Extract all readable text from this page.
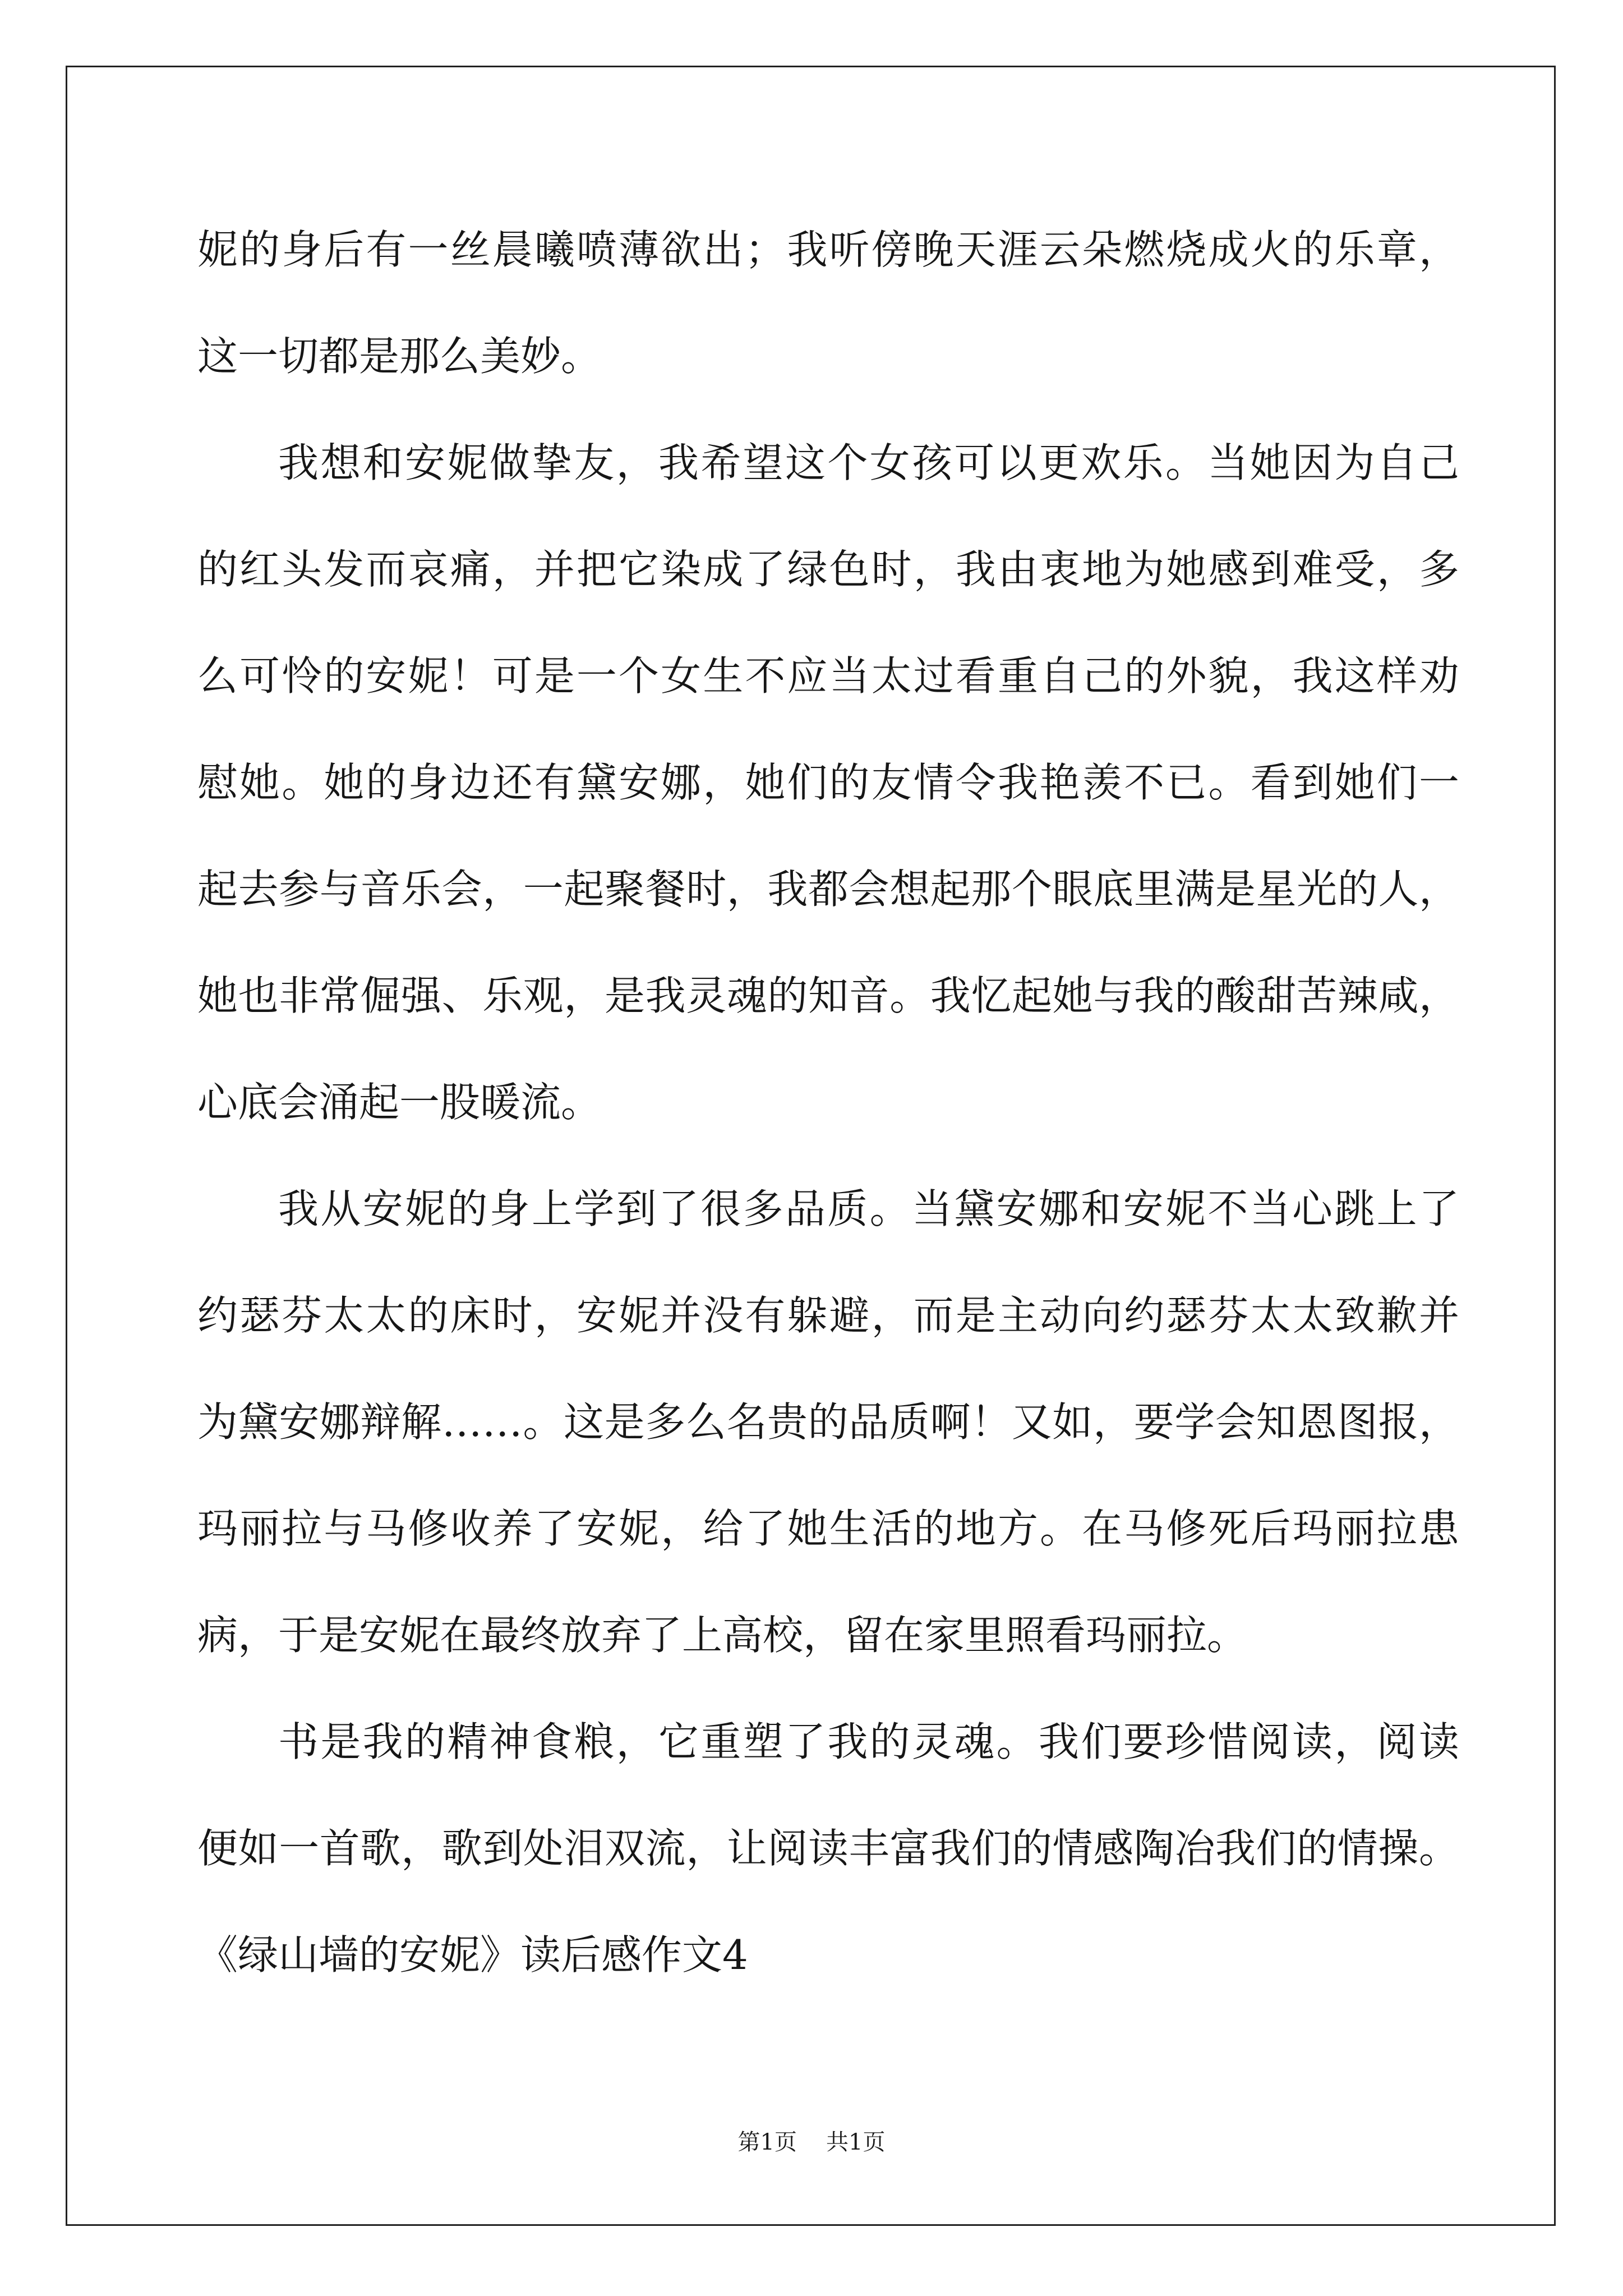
妮的身后有一丝晨曦喷薄欲出；我听傍晚天涯云朵燃烧成火的乐章，
这一切都是那么美妙。
我想和安妮做挚友，我希望这个女孩可以更欢乐。当她因为自己
的红头发而哀痛，并把它染成了绿色时，我由衷地为她感到难受，多
么可怜的安妮！可是一个女生不应当太过看重自己的外貌，我这样劝
慰她。她的身边还有黛安娜，她们的友情令我艳羡不已。看到她们一
起去参与音乐会，一起聚餐时，我都会想起那个眼底里满是星光的人，
她也非常倔强、乐观，是我灵魂的知音。我忆起她与我的酸甜苦辣咸，
心底会涌起一股暖流。
我从安妮的身上学到了很多品质。当黛安娜和安妮不当心跳上了
约瑟芬太太的床时，安妮并没有躲避，而是主动向约瑟芬太太致歉并
为黛安娜辩解……。这是多么名贵的品质啊！又如，要学会知恩图报，
玛丽拉与马修收养了安妮，给了她生活的地方。在马修死后玛丽拉患
病，于是安妮在最终放弃了上高校，留在家里照看玛丽拉。
书是我的精神食粮，它重塑了我的灵魂。我们要珍惜阅读，阅读
便如一首歌，歌到处泪双流，让阅读丰富我们的情感陶冶我们的情操。
《绿山墙的安妮》读后感作文4
第1页 共1页
